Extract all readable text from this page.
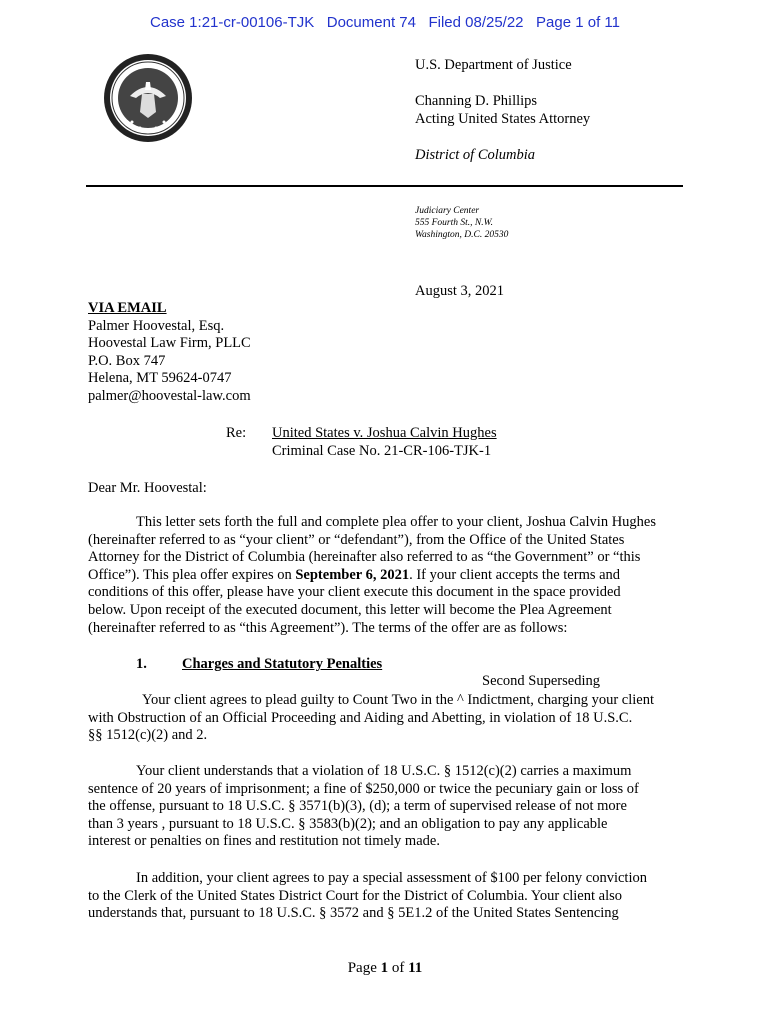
Case 1:21-cr-00106-TJK   Document 74   Filed 08/25/22   Page 1 of 11
U.S. Department of Justice
Channing D. Phillips
Acting United States Attorney
District of Columbia
Judiciary Center
555 Fourth St., N.W.
Washington, D.C. 20530
August 3, 2021
VIA EMAIL
Palmer Hoovestal, Esq.
Hoovestal Law Firm, PLLC
P.O. Box 747
Helena, MT 59624-0747
palmer@hoovestal-law.com
Re: United States v. Joshua Calvin Hughes
Criminal Case No. 21-CR-106-TJK-1
Dear Mr. Hoovestal:
This letter sets forth the full and complete plea offer to your client, Joshua Calvin Hughes
(hereinafter referred to as “your client” or “defendant”), from the Office of the United States
Attorney for the District of Columbia (hereinafter also referred to as “the Government” or “this
Office”). This plea offer expires on September 6, 2021. If your client accepts the terms and
conditions of this offer, please have your client execute this document in the space provided
below. Upon receipt of the executed document, this letter will become the Plea Agreement
(hereinafter referred to as “this Agreement”). The terms of the offer are as follows:
1. Charges and Statutory Penalties
Second Superseding
Your client agrees to plead guilty to Count Two in the ^ Indictment, charging your client
with Obstruction of an Official Proceeding and Aiding and Abetting, in violation of 18 U.S.C.
§§ 1512(c)(2) and 2.
Your client understands that a violation of 18 U.S.C. § 1512(c)(2) carries a maximum
sentence of 20 years of imprisonment; a fine of $250,000 or twice the pecuniary gain or loss of
the offense, pursuant to 18 U.S.C. § 3571(b)(3), (d); a term of supervised release of not more
than 3 years , pursuant to 18 U.S.C. § 3583(b)(2); and an obligation to pay any applicable
interest or penalties on fines and restitution not timely made.
In addition, your client agrees to pay a special assessment of $100 per felony conviction
to the Clerk of the United States District Court for the District of Columbia. Your client also
understands that, pursuant to 18 U.S.C. § 3572 and § 5E1.2 of the United States Sentencing
Page 1 of 11
